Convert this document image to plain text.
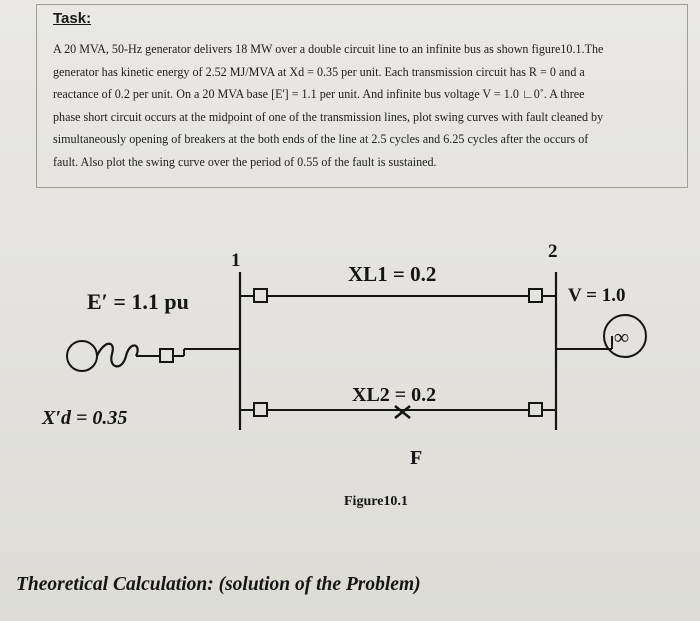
Task:

A 20 MVA, 50-Hz generator delivers 18 MW over a double circuit line to an infinite bus as shown figure10.1.The
generator has kinetic energy of 2.52 MJ/MVA at Xd = 0.35 per unit. Each transmission circuit has R = 0 and a
reactance of 0.2 per unit. On a 20 MVA base [E'] = 1.1 per unit. And infinite bus voltage V = 1.0 ∟0˚. A three
phase short circuit occurs at the midpoint of one of the transmission lines, plot swing curves with fault cleaned by
simultaneously opening of breakers at the both ends of the line at 2.5 cycles and 6.25 cycles after the occurs of
fault. Also plot the swing curve over the period of 0.55 of the fault is sustained.

1	2
E′ = 1.1 pu
X′d = 0.35
XL1 = 0.2
XL2 = 0.2
F
V = 1.0
∞
Figure10.1
Theoretical Calculation: (solution of the Problem)
